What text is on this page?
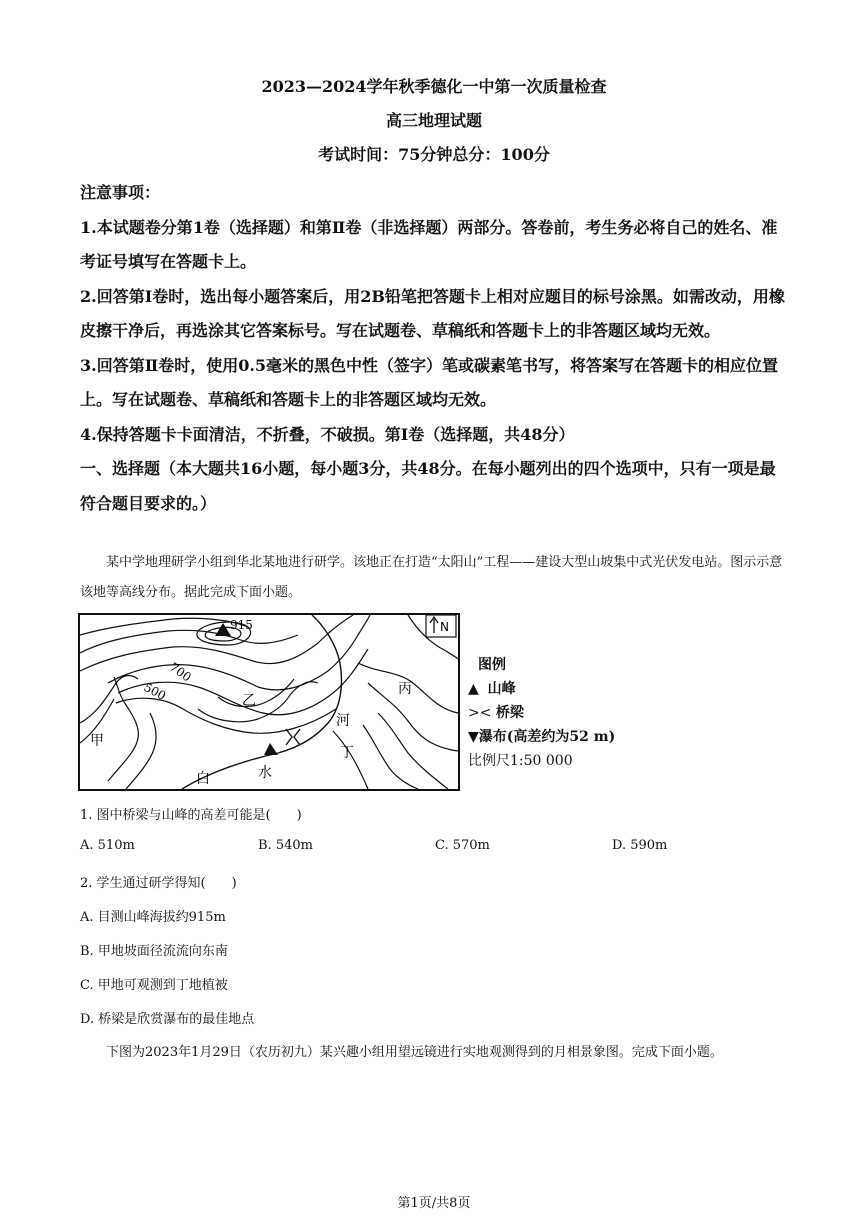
2023—2024学年秋季德化一中第一次质量检查
高三地理试题
考试时间：75分钟总分：100分

注意事项：

1.本试题卷分第1卷（选择题）和第Ⅱ卷（非选择题）两部分。答卷前，考生务必将自己的姓名、准考证号填写在答题卡上。

2.回答第Ⅰ卷时，选出每小题答案后，用2B铅笔把答题卡上相对应题目的标号涂黑。如需改动，用橡皮擦干净后，再选涂其它答案标号。写在试题卷、草稿纸和答题卡上的非答题区域均无效。

3.回答第Ⅱ卷时，使用0.5毫米的黑色中性（签字）笔或碳素笔书写，将答案写在答题卡的相应位置上。写在试题卷、草稿纸和答题卡上的非答题区域均无效。

4.保持答题卡卡面清洁，不折叠，不破损。第Ⅰ卷（选择题，共48分）

一、选择题（本大题共16小题，每小题3分，共48分。在每小题列出的四个选项中，只有一项是最符合题目要求的。）

某中学地理研学小组到华北某地进行研学。该地正在打造“太阳山”工程——建设大型山坡集中式光伏发电站。图示示意该地等高线分布。据此完成下面小题。

915
700
500
N
甲
乙
丙
丁
白	水
河
图例
▲  山峰
>< 桥梁
▼瀑布(高差约为52 m)
比例尺1:50 000
1. 图中桥梁与山峰的高差可能是(　　)
A. 510m	B. 540m	C. 570m	D. 590m
2. 学生通过研学得知(　　)
A. 目测山峰海拔约915m
B. 甲地坡面径流流向东南
C. 甲地可观测到丁地植被
D. 桥梁是欣赏瀑布的最佳地点

下图为2023年1月29日（农历初九）某兴趣小组用望远镜进行实地观测得到的月相景象图。完成下面小题。

第1页/共8页
